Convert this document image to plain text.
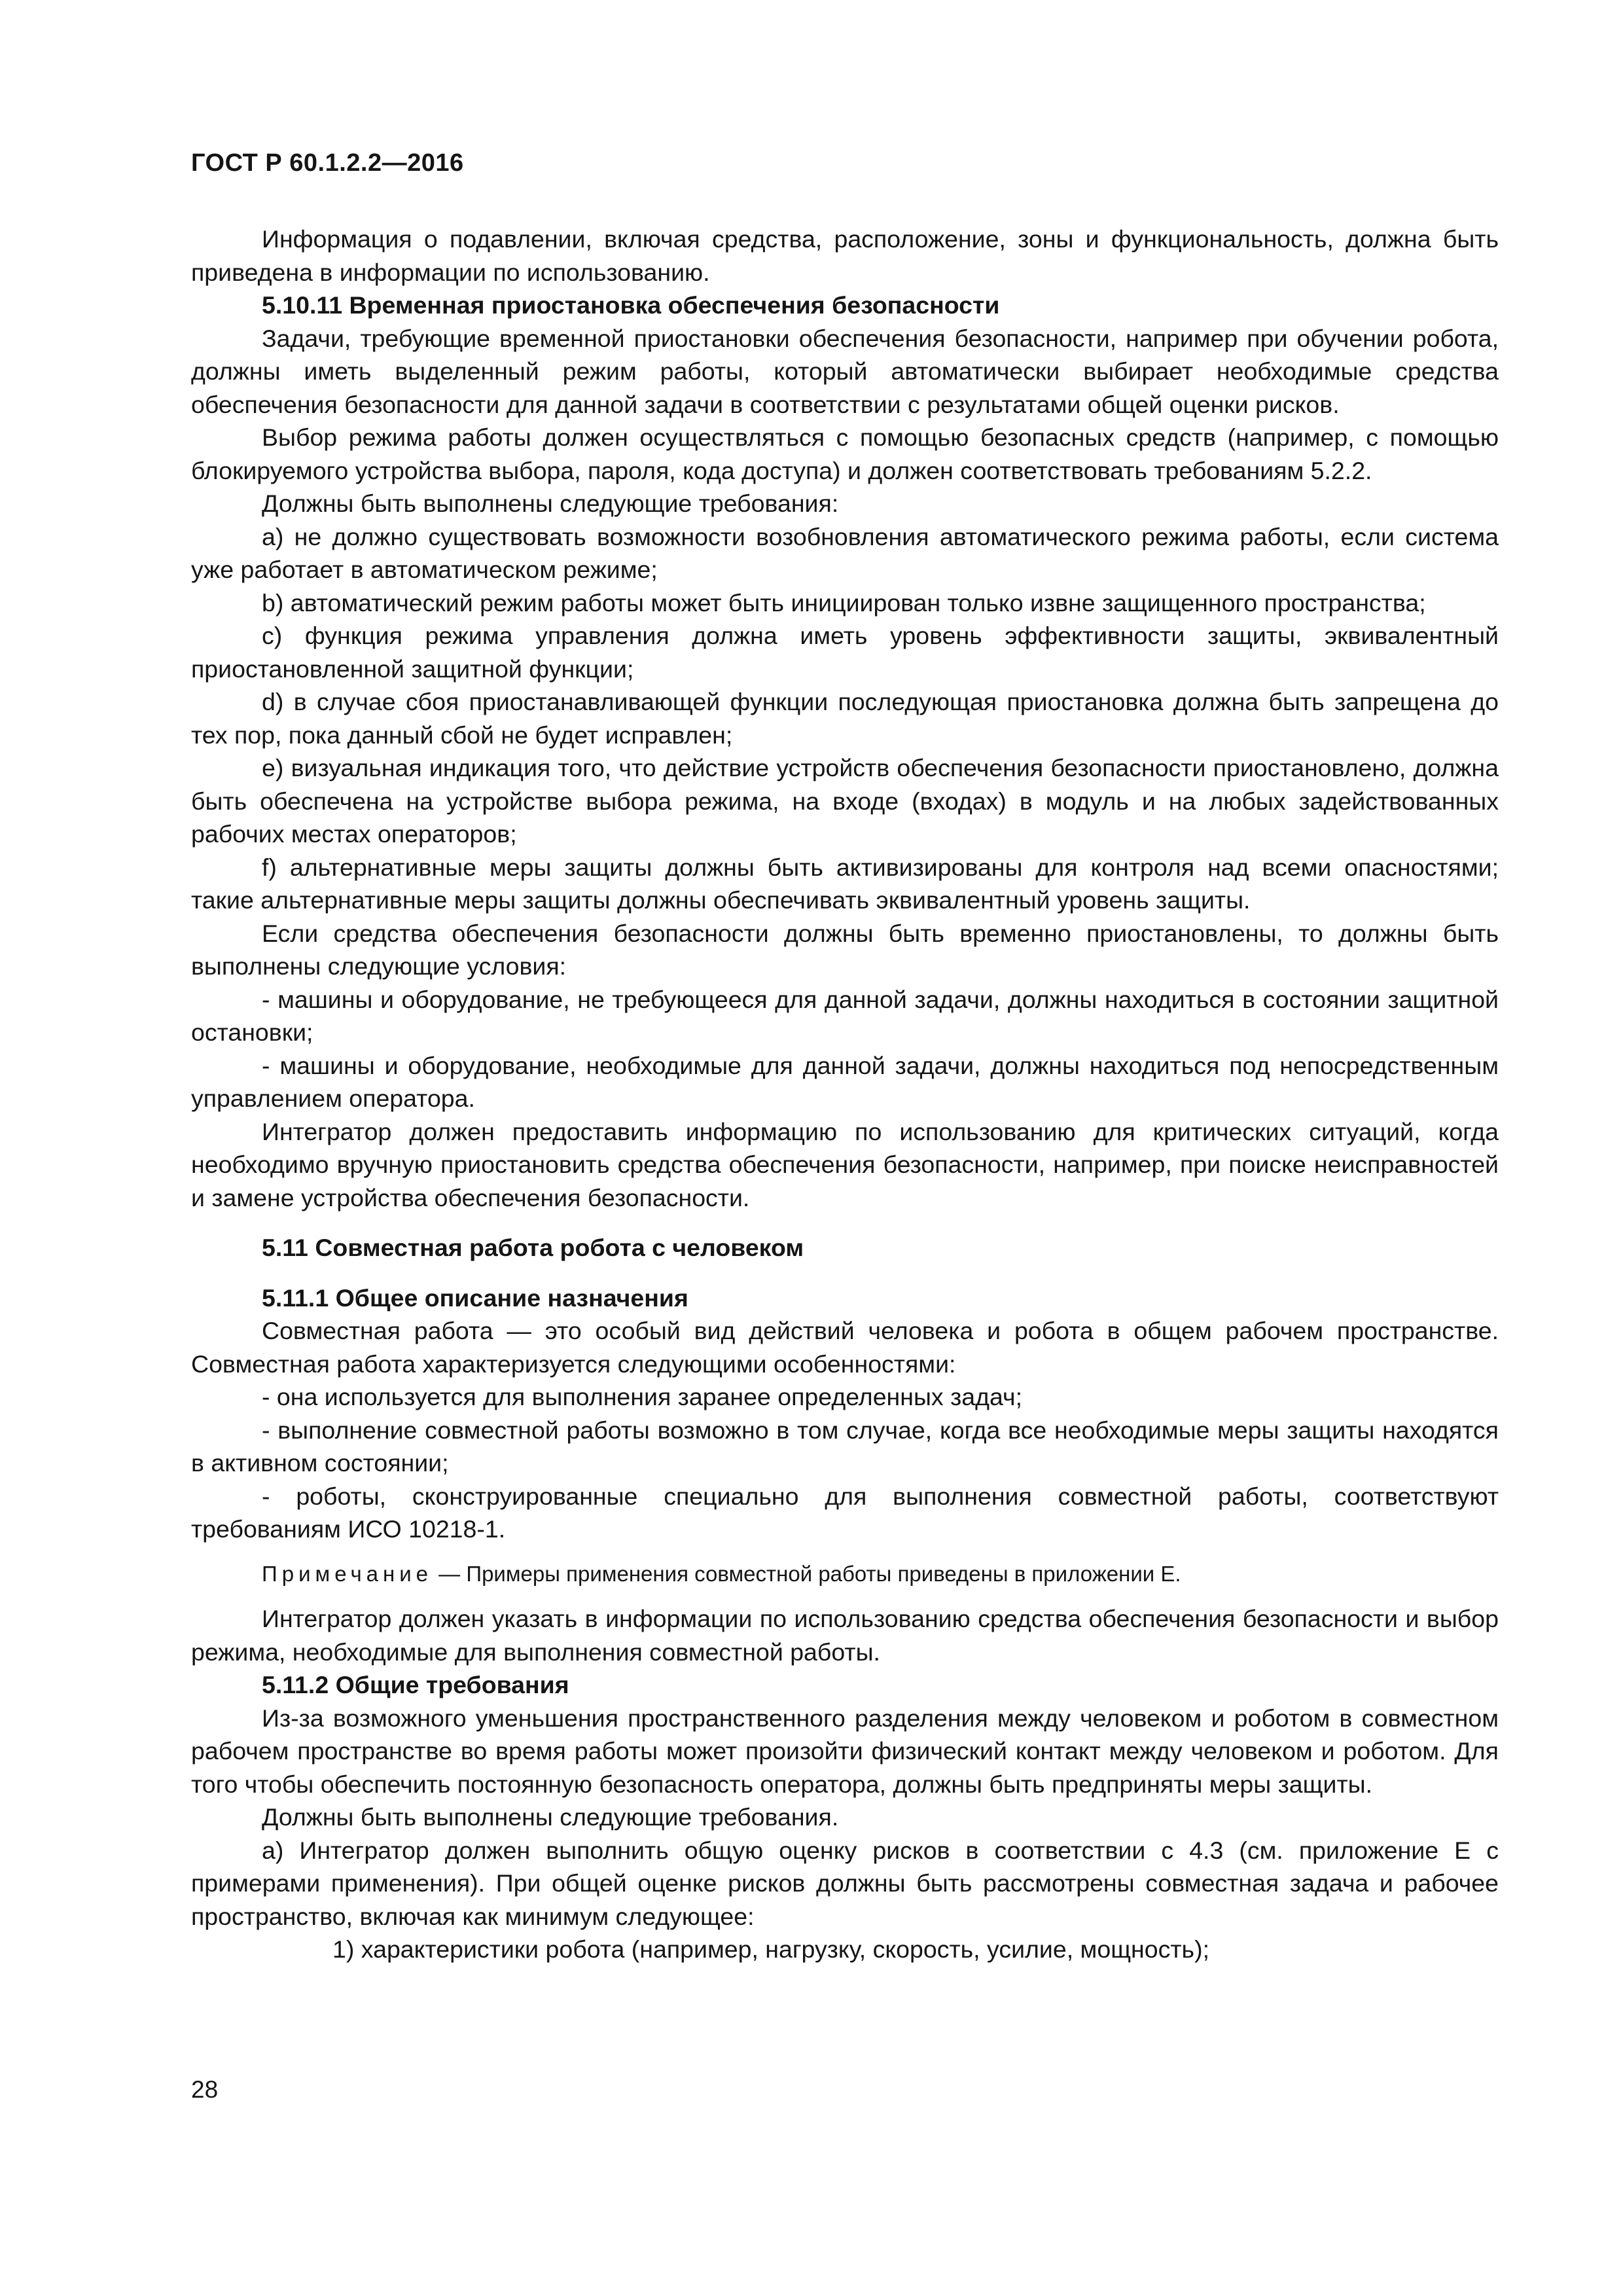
ГОСТ Р 60.1.2.2—2016

Информация о подавлении, включая средства, расположение, зоны и функциональность, должна быть приведена в информации по использованию.

5.10.11 Временная приостановка обеспечения безопасности

Задачи, требующие временной приостановки обеспечения безопасности, например при обучении робота, должны иметь выделенный режим работы, который автоматически выбирает необходимые средства обеспечения безопасности для данной задачи в соответствии с результатами общей оценки рисков.

Выбор режима работы должен осуществляться с помощью безопасных средств (например, с помощью блокируемого устройства выбора, пароля, кода доступа) и должен соответствовать требованиям 5.2.2.

Должны быть выполнены следующие требования:

a) не должно существовать возможности возобновления автоматического режима работы, если система уже работает в автоматическом режиме;

b) автоматический режим работы может быть инициирован только извне защищенного пространства;

c) функция режима управления должна иметь уровень эффективности защиты, эквивалентный приостановленной защитной функции;

d) в случае сбоя приостанавливающей функции последующая приостановка должна быть запрещена до тех пор, пока данный сбой не будет исправлен;

e) визуальная индикация того, что действие устройств обеспечения безопасности приостановлено, должна быть обеспечена на устройстве выбора режима, на входе (входах) в модуль и на любых задействованных рабочих местах операторов;

f) альтернативные меры защиты должны быть активизированы для контроля над всеми опасностями; такие альтернативные меры защиты должны обеспечивать эквивалентный уровень защиты.

Если средства обеспечения безопасности должны быть временно приостановлены, то должны быть выполнены следующие условия:

- машины и оборудование, не требующееся для данной задачи, должны находиться в состоянии защитной остановки;

- машины и оборудование, необходимые для данной задачи, должны находиться под непосредственным управлением оператора.

Интегратор должен предоставить информацию по использованию для критических ситуаций, когда необходимо вручную приостановить средства обеспечения безопасности, например, при поиске неисправностей и замене устройства обеспечения безопасности.

5.11 Совместная работа робота с человеком

5.11.1 Общее описание назначения

Совместная работа — это особый вид действий человека и робота в общем рабочем пространстве. Совместная работа характеризуется следующими особенностями:

- она используется для выполнения заранее определенных задач;

- выполнение совместной работы возможно в том случае, когда все необходимые меры защиты находятся в активном состоянии;

- роботы, сконструированные специально для выполнения совместной работы, соответствуют требованиям ИСО 10218-1.

Примечание — Примеры применения совместной работы приведены в приложении Е.

Интегратор должен указать в информации по использованию средства обеспечения безопасности и выбор режима, необходимые для выполнения совместной работы.

5.11.2 Общие требования

Из-за возможного уменьшения пространственного разделения между человеком и роботом в совместном рабочем пространстве во время работы может произойти физический контакт между человеком и роботом. Для того чтобы обеспечить постоянную безопасность оператора, должны быть предприняты меры защиты.

Должны быть выполнены следующие требования.

a) Интегратор должен выполнить общую оценку рисков в соответствии с 4.3 (см. приложение Е с примерами применения). При общей оценке рисков должны быть рассмотрены совместная задача и рабочее пространство, включая как минимум следующее:

1) характеристики робота (например, нагрузку, скорость, усилие, мощность);

28
